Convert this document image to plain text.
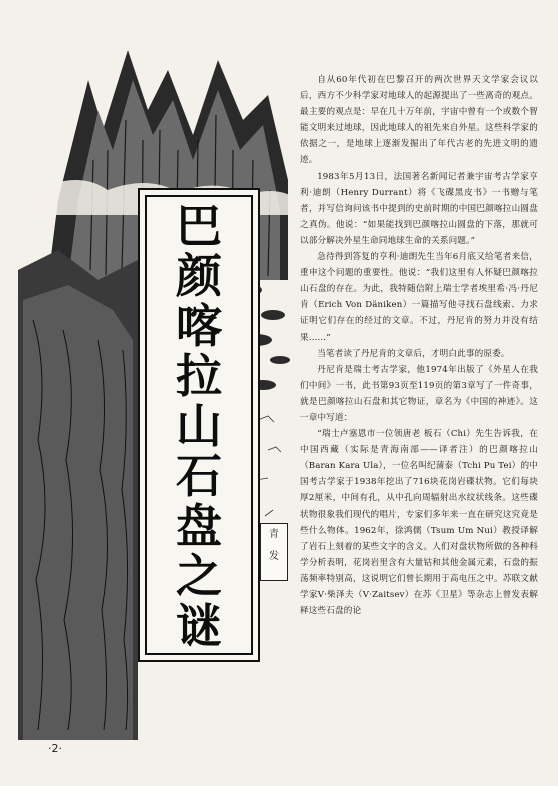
巴
颜
喀
拉
山
石
盘
之
谜
青
发

自从60年代初在巴黎召开的两次世界天文学家会议以后，西方不少科学家对地球人的起源提出了一些离奇的观点。最主要的观点是：早在几十万年前，宇宙中曾有一个或数个智能文明来过地球，因此地球人的祖先来自外星。这些科学家的依据之一，是地球上逐渐发掘出了年代古老的先进文明的遗迹。

1983年5月13日，法国著名新闻记者兼宇宙考古学家亨利·迪朗（Henry Durrant）将《飞碟黑皮书》一书赠与笔者，并写信询问该书中提到的史前时期的中国巴颜喀拉山圆盘之真伪。他说：“如果能找到巴颜喀拉山圆盘的下落，那就可以部分解决外星生命同地球生命的关系问题。”

急待得到答复的亨利·迪朗先生当年6月底又给笔者来信，重申这个问题的重要性。他说：“我们这里有人怀疑巴颜喀拉山石盘的存在。为此，我特随信附上瑞士学者埃里希·冯·丹尼肯（Erich Von Däniken）一篇描写他寻找石盘线索、力求证明它们存在的经过的文章。不过，丹尼肯的努力并没有结果……”

当笔者读了丹尼肯的文章后，才明白此事的原委。

丹尼肯是瑞士考古学家，他1974年出版了《外星人在我们中间》一书，此书第93页至119页的第3章写了一件奇事，就是巴颜喀拉山石盘和其它物证，章名为《中国的神迹》。这一章中写道：

“瑞士卢塞恩市一位领唐老 板石（Chi）先生告诉我，在中国西藏（实际是青海南部——译者注）的巴颜喀拉山（Baran Kara Ula），一位名叫纪蒲泰（Tchi Pu Tei）的中国考古学家于1938年挖出了716块花岗岩碟状物。它们每块厚2厘米，中间有孔，从中孔向周辐射出水纹状线条。这些碟状物很象我们现代的唱片，专家们多年来一直在研究这究竟是些什么物体。1962年，徐鸿儒（Tsum Um Nui）教授译解了岩石上刻着的某些文字的含义。人们对盘状物所做的各种科学分析表明，花岗岩里含有大量钴和其他金属元素，石盘的振荡频率特别高，这说明它们曾长期用于高电压之中。苏联文献学家V·柴泽夫（V·Zaitsev）在苏《卫星》等杂志上曾发表解释这些石盘的论

·2·
